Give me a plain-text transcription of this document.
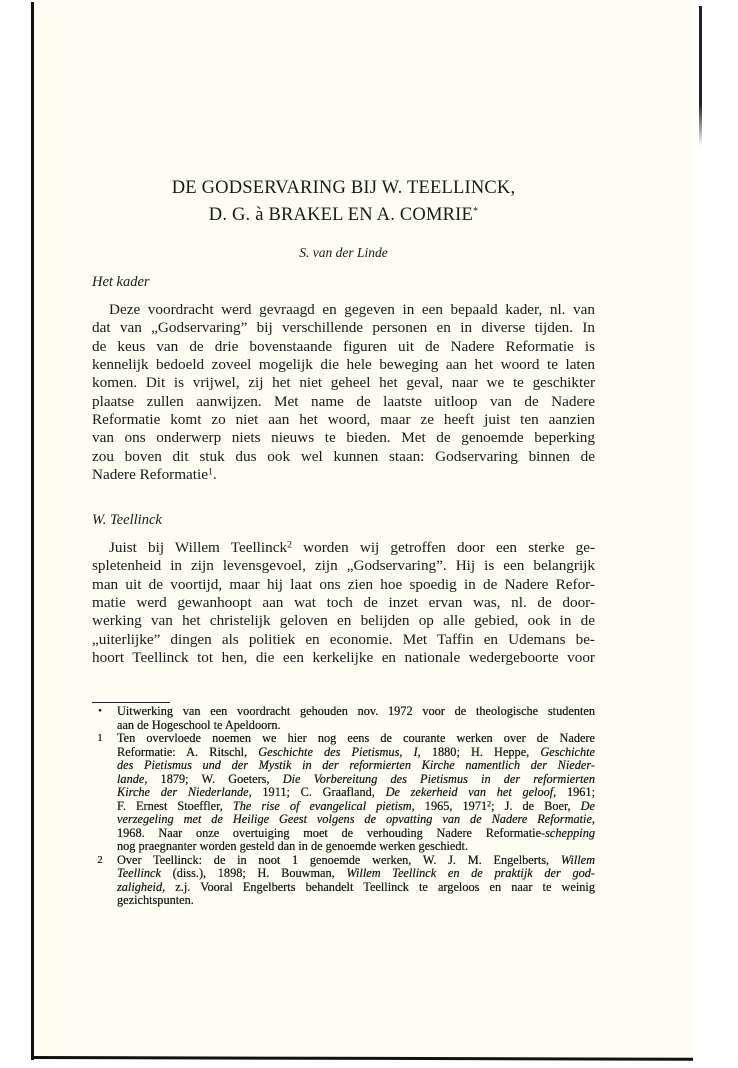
DE GODSERVARING BIJ W. TEELLINCK,
D. G. à BRAKEL EN A. COMRIE*
S. van der Linde
Het kader
Deze voordracht werd gevraagd en gegeven in een bepaald kader, nl. van
dat van „Godservaring” bij verschillende personen en in diverse tijden. In
de keus van de drie bovenstaande figuren uit de Nadere Reformatie is
kennelijk bedoeld zoveel mogelijk die hele beweging aan het woord te laten
komen. Dit is vrijwel, zij het niet geheel het geval, naar we te geschikter
plaatse zullen aanwijzen. Met name de laatste uitloop van de Nadere
Reformatie komt zo niet aan het woord, maar ze heeft juist ten aanzien
van ons onderwerp niets nieuws te bieden. Met de genoemde beperking
zou boven dit stuk dus ook wel kunnen staan: Godservaring binnen de
Nadere Reformatie$^1$.
W. Teellinck
Juist bij Willem Teellinck$^2$ worden wij getroffen door een sterke ge-
spletenheid in zijn levensgevoel, zijn „Godservaring”. Hij is een belangrijk
man uit de voortijd, maar hij laat ons zien hoe spoedig in de Nadere Refor-
matie werd gewanhoopt aan wat toch de inzet ervan was, nl. de door-
werking van het christelijk geloven en belijden op alle gebied, ook in de
„uiterlijke” dingen als politiek en economie. Met Taffin en Udemans be-
hoort Teellinck tot hen, die een kerkelijke en nationale wedergeboorte voor
•	Uitwerking van een voordracht gehouden nov. 1972 voor de theologische studenten
aan de Hogeschool te Apeldoorn.
1 Ten overvloede noemen we hier nog eens de courante werken over de Nadere
Reformatie: A. Ritschl, Geschichte des Pietismus, I, 1880; H. Heppe, Geschichte
des Pietismus und der Mystik in der reformierten Kirche namentlich der Nieder-
lande, 1879; W. Goeters, Die Vorbereitung des Pietismus in der reformierten
Kirche der Niederlande, 1911; C. Graafland, De zekerheid van het geloof, 1961;
F. Ernest Stoeffler, The rise of evangelical pietism, 1965, 1971$^2$; J. de Boer, De
verzegeling met de Heilige Geest volgens de opvatting van de Nadere Reformatie,
1968. Naar onze overtuiging moet de verhouding Nadere Reformatie-schepping
nog praegnanter worden gesteld dan in de genoemde werken geschiedt.
2 Over Teellinck: de in noot 1 genoemde werken, W. J. M. Engelberts, Willem
Teellinck (diss.), 1898; H. Bouwman, Willem Teellinck en de praktijk der god-
zaligheid, z.j. Vooral Engelberts behandelt Teellinck te argeloos en naar te weinig
gezichtspunten.
